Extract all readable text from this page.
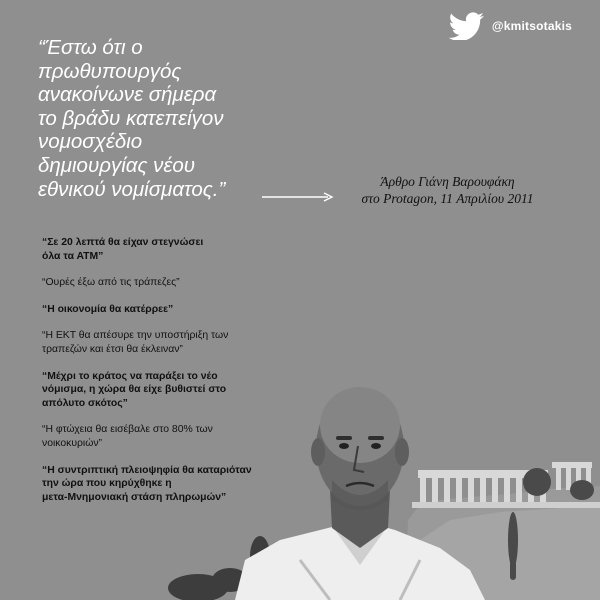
@kmitsotakis

“Έστω ότι ο
πρωθυπουργός
ανακοίνωνε σήμερα
το βράδυ κατεπείγον
νομοσχέδιο
δημιουργίας νέου
εθνικού νομίσματος.”	Άρθρο Γιάνη Βαρουφάκη
στο Protagon, 11 Απριλίου 2011
“Σε 20 λεπτά θα είχαν στεγνώσει
όλα τα ΑΤΜ”
“Ουρές έξω από τις τράπεζες”
“Η οικονομία θα κατέρρεε”
“Η ΕΚΤ θα απέσυρε την υποστήριξη των
τραπεζών και έτσι θα έκλειναν”
“Μέχρι το κράτος να παράξει το νέο
νόμισμα, η χώρα θα είχε βυθιστεί στο
απόλυτο σκότος”
“Η φτώχεια θα εισέβαλε στο 80% των
νοικοκυριών”
“Η συντριπτική πλειοψηφία θα καταριόταν
την ώρα που κηρύχθηκε η
μετα-Μνημονιακή στάση πληρωμών”
